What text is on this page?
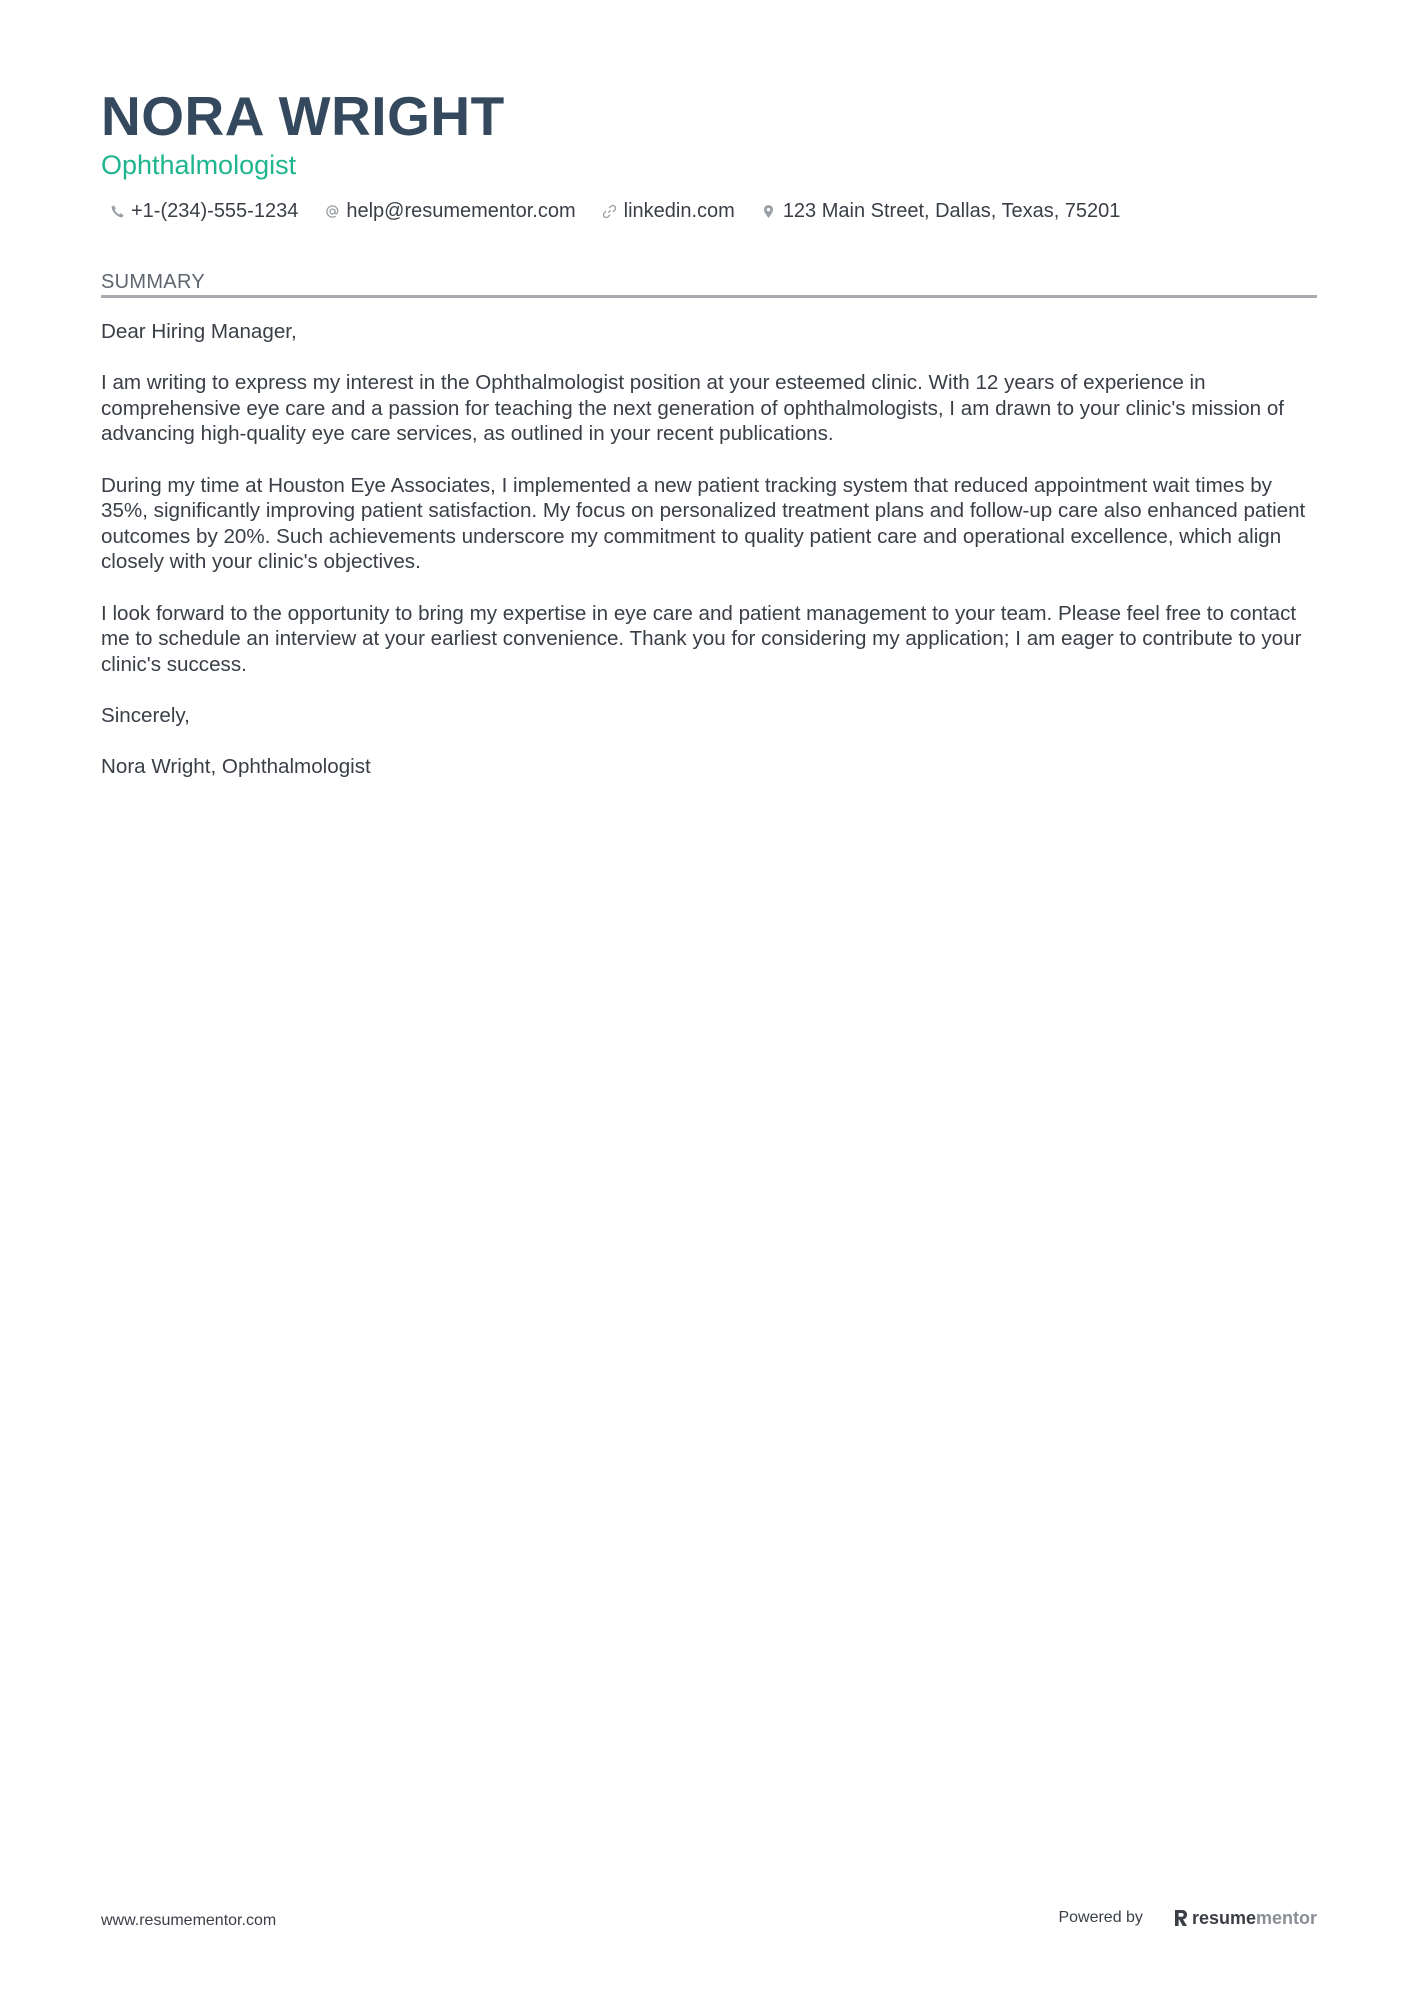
NORA WRIGHT
Ophthalmologist
+1-(234)-555-1234 help@resumementor.com linkedin.com 123 Main Street, Dallas, Texas, 75201
SUMMARY

Dear Hiring Manager,

I am writing to express my interest in the Ophthalmologist position at your esteemed clinic. With 12 years of experience in comprehensive eye care and a passion for teaching the next generation of ophthalmologists, I am drawn to your clinic's mission of advancing high-quality eye care services, as outlined in your recent publications.

During my time at Houston Eye Associates, I implemented a new patient tracking system that reduced appointment wait times by 35%, significantly improving patient satisfaction. My focus on personalized treatment plans and follow-up care also enhanced patient outcomes by 20%. Such achievements underscore my commitment to quality patient care and operational excellence, which align closely with your clinic's objectives.

I look forward to the opportunity to bring my expertise in eye care and patient management to your team. Please feel free to contact me to schedule an interview at your earliest convenience. Thank you for considering my application; I am eager to contribute to your clinic's success.

Sincerely,

Nora Wright, Ophthalmologist

www.resumementor.com	Powered by	resume mentor
